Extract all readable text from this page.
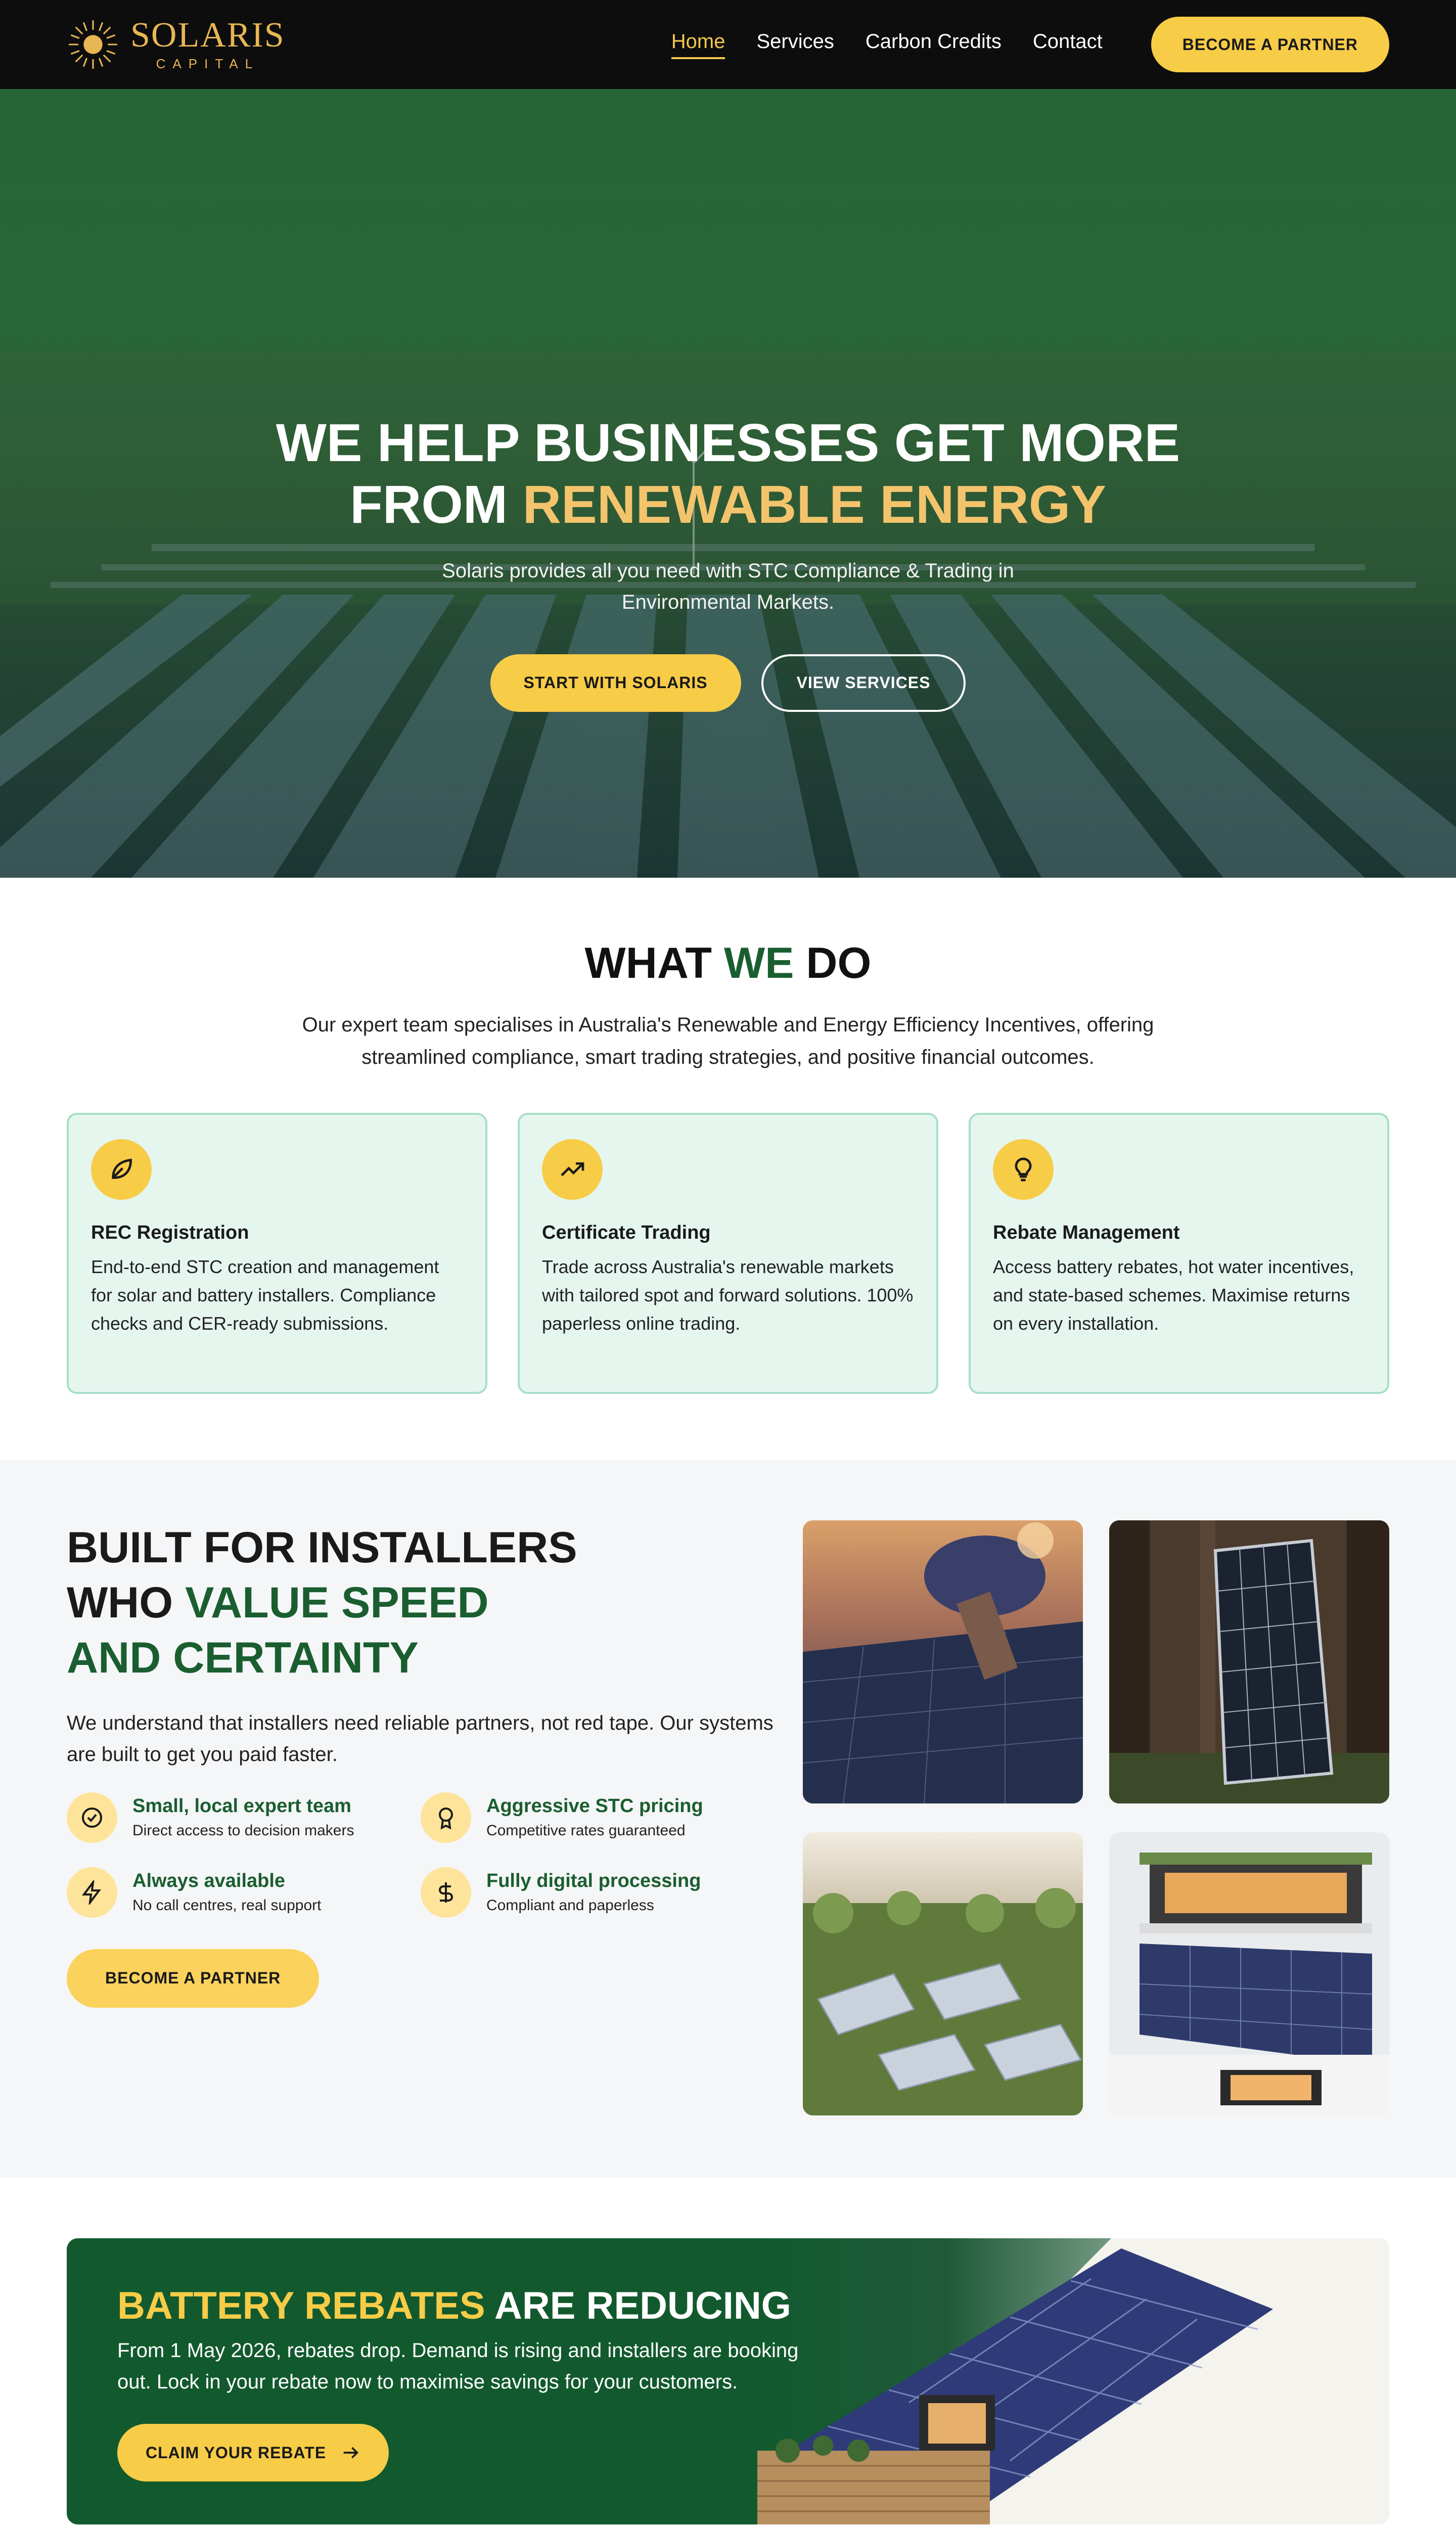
SOLARIS
CAPITAL
Home Services Carbon Credits Contact	BECOME A PARTNER
WE HELP BUSINESSES GET MORE
FROM RENEWABLE ENERGY

Solaris provides all you need with STC Compliance & Trading in
Environmental Markets.

START WITH SOLARIS	VIEW SERVICES
WHAT WE DO

Our expert team specialises in Australia's Renewable and Energy Efficiency Incentives, offering
streamlined compliance, smart trading strategies, and positive financial outcomes.

REC Registration
End-to-end STC creation and management for solar and battery installers. Compliance checks and CER-ready submissions.
Certificate Trading
Trade across Australia's renewable markets with tailored spot and forward solutions. 100% paperless online trading.
Rebate Management
Access battery rebates, hot water incentives, and state-based schemes. Maximise returns on every installation.
BUILT FOR INSTALLERS
WHO VALUE SPEED
AND CERTAINTY

We understand that installers need reliable partners, not red tape. Our systems are built to get you paid faster.

Small, local expert team
Direct access to decision makers
Aggressive STC pricing
Competitive rates guaranteed
Always available
No call centres, real support
Fully digital processing
Compliant and paperless
BECOME A PARTNER
BATTERY REBATES ARE REDUCING

From 1 May 2026, rebates drop. Demand is rising and installers are booking
out. Lock in your rebate now to maximise savings for your customers.

CLAIM YOUR REBATE
